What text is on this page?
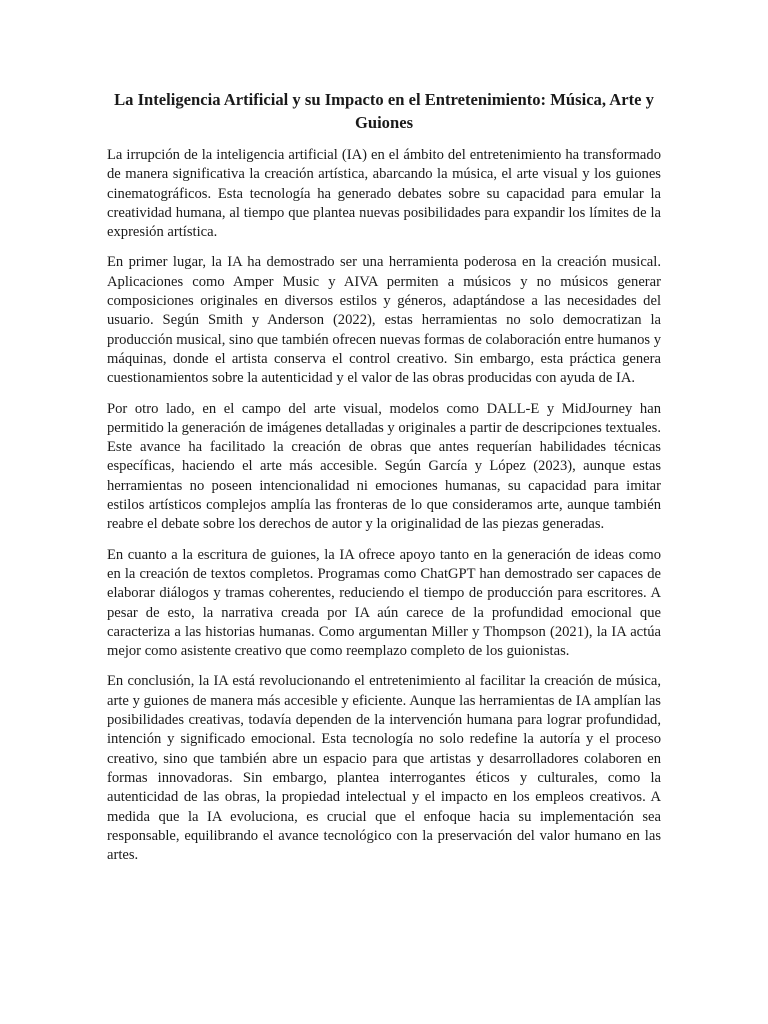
La Inteligencia Artificial y su Impacto en el Entretenimiento: Música, Arte y Guiones

La irrupción de la inteligencia artificial (IA) en el ámbito del entretenimiento ha transformado de manera significativa la creación artística, abarcando la música, el arte visual y los guiones cinematográficos. Esta tecnología ha generado debates sobre su capacidad para emular la creatividad humana, al tiempo que plantea nuevas posibilidades para expandir los límites de la expresión artística.

En primer lugar, la IA ha demostrado ser una herramienta poderosa en la creación musical. Aplicaciones como Amper Music y AIVA permiten a músicos y no músicos generar composiciones originales en diversos estilos y géneros, adaptándose a las necesidades del usuario. Según Smith y Anderson (2022), estas herramientas no solo democratizan la producción musical, sino que también ofrecen nuevas formas de colaboración entre humanos y máquinas, donde el artista conserva el control creativo. Sin embargo, esta práctica genera cuestionamientos sobre la autenticidad y el valor de las obras producidas con ayuda de IA.

Por otro lado, en el campo del arte visual, modelos como DALL-E y MidJourney han permitido la generación de imágenes detalladas y originales a partir de descripciones textuales. Este avance ha facilitado la creación de obras que antes requerían habilidades técnicas específicas, haciendo el arte más accesible. Según García y López (2023), aunque estas herramientas no poseen intencionalidad ni emociones humanas, su capacidad para imitar estilos artísticos complejos amplía las fronteras de lo que consideramos arte, aunque también reabre el debate sobre los derechos de autor y la originalidad de las piezas generadas.

En cuanto a la escritura de guiones, la IA ofrece apoyo tanto en la generación de ideas como en la creación de textos completos. Programas como ChatGPT han demostrado ser capaces de elaborar diálogos y tramas coherentes, reduciendo el tiempo de producción para escritores. A pesar de esto, la narrativa creada por IA aún carece de la profundidad emocional que caracteriza a las historias humanas. Como argumentan Miller y Thompson (2021), la IA actúa mejor como asistente creativo que como reemplazo completo de los guionistas.

En conclusión, la IA está revolucionando el entretenimiento al facilitar la creación de música, arte y guiones de manera más accesible y eficiente. Aunque las herramientas de IA amplían las posibilidades creativas, todavía dependen de la intervención humana para lograr profundidad, intención y significado emocional. Esta tecnología no solo redefine la autoría y el proceso creativo, sino que también abre un espacio para que artistas y desarrolladores colaboren en formas innovadoras. Sin embargo, plantea interrogantes éticos y culturales, como la autenticidad de las obras, la propiedad intelectual y el impacto en los empleos creativos. A medida que la IA evoluciona, es crucial que el enfoque hacia su implementación sea responsable, equilibrando el avance tecnológico con la preservación del valor humano en las artes.
